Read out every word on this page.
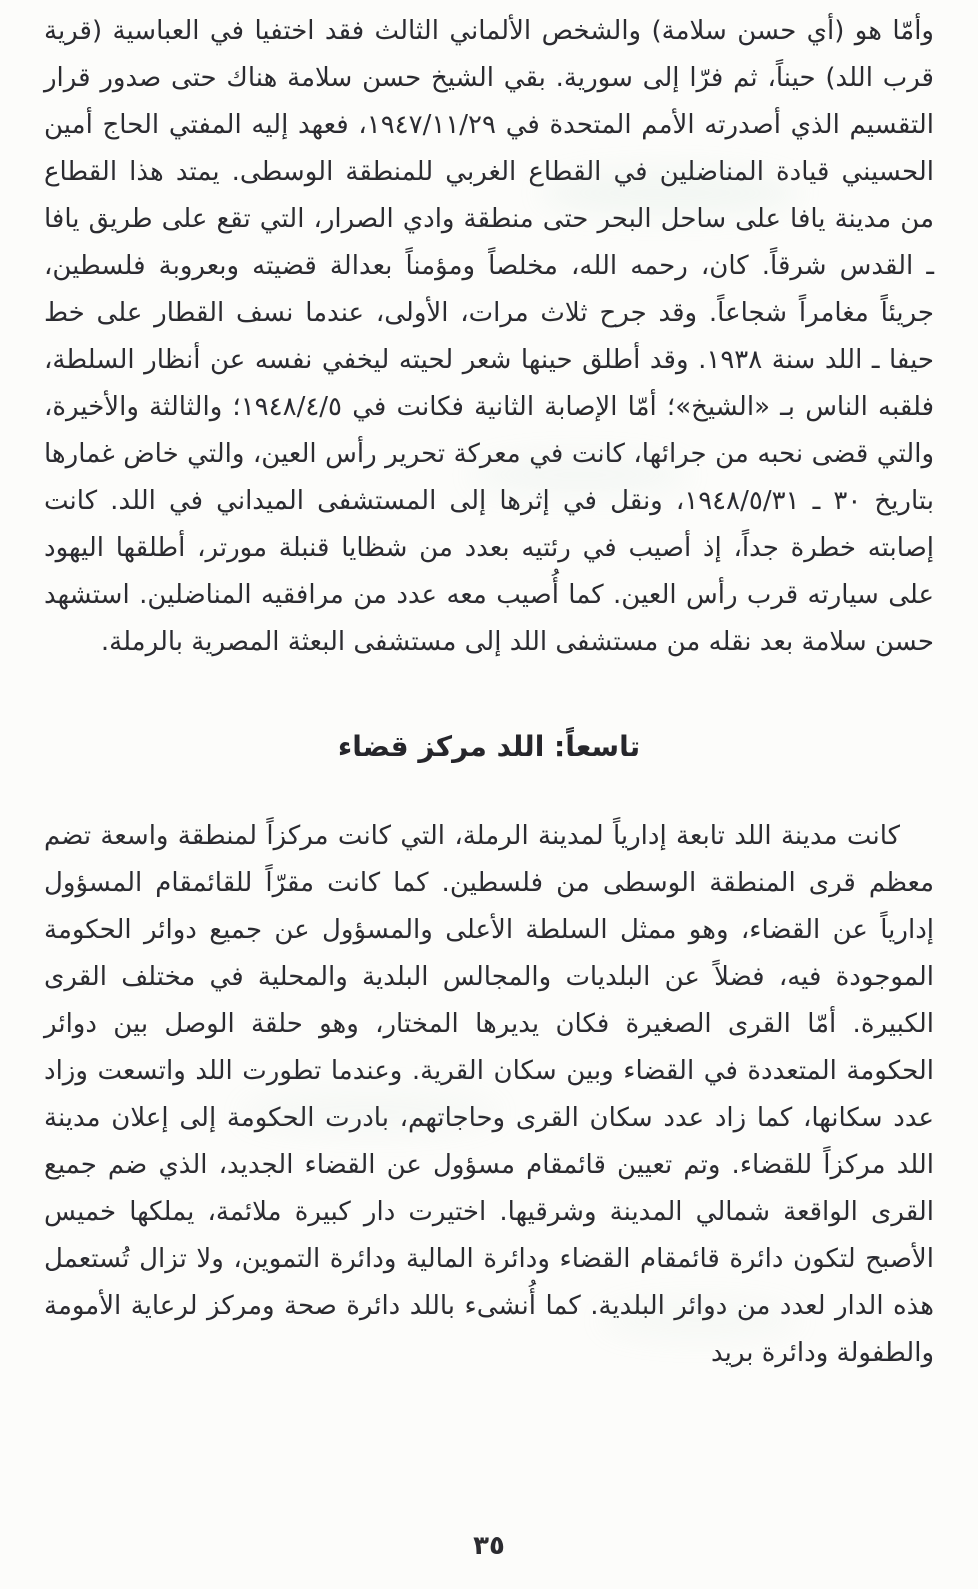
وأمّا هو (أي حسن سلامة) والشخص الألماني الثالث فقد اختفيا في العباسية (قرية قرب اللد) حيناً، ثم فرّا إلى سورية. بقي الشيخ حسن سلامة هناك حتى صدور قرار التقسيم الذي أصدرته الأمم المتحدة في ١٩٤٧/١١/٢٩، فعهد إليه المفتي الحاج أمين الحسيني قيادة المناضلين في القطاع الغربي للمنطقة الوسطى. يمتد هذا القطاع من مدينة يافا على ساحل البحر حتى منطقة وادي الصرار، التي تقع على طريق يافا ـ القدس شرقاً. كان، رحمه الله، مخلصاً ومؤمناً بعدالة قضيته وبعروبة فلسطين، جريئاً مغامراً شجاعاً. وقد جرح ثلاث مرات، الأولى، عندما نسف القطار على خط حيفا ـ اللد سنة ١٩٣٨. وقد أطلق حينها شعر لحيته ليخفي نفسه عن أنظار السلطة، فلقبه الناس بـ «الشيخ»؛ أمّا الإصابة الثانية فكانت في ١٩٤٨/٤/٥؛ والثالثة والأخيرة، والتي قضى نحبه من جرائها، كانت في معركة تحرير رأس العين، والتي خاض غمارها بتاريخ ٣٠ ـ ١٩٤٨/٥/٣١، ونقل في إثرها إلى المستشفى الميداني في اللد. كانت إصابته خطرة جداً، إذ أصيب في رئتيه بعدد من شظايا قنبلة مورتر، أطلقها اليهود على سيارته قرب رأس العين. كما أُصيب معه عدد من مرافقيه المناضلين. استشهد حسن سلامة بعد نقله من مستشفى اللد إلى مستشفى البعثة المصرية بالرملة.

تاسعاً: اللد مركز قضاء

كانت مدينة اللد تابعة إدارياً لمدينة الرملة، التي كانت مركزاً لمنطقة واسعة تضم معظم قرى المنطقة الوسطى من فلسطين. كما كانت مقرّاً للقائمقام المسؤول إدارياً عن القضاء، وهو ممثل السلطة الأعلى والمسؤول عن جميع دوائر الحكومة الموجودة فيه، فضلاً عن البلديات والمجالس البلدية والمحلية في مختلف القرى الكبيرة. أمّا القرى الصغيرة فكان يديرها المختار، وهو حلقة الوصل بين دوائر الحكومة المتعددة في القضاء وبين سكان القرية. وعندما تطورت اللد واتسعت وزاد عدد سكانها، كما زاد عدد سكان القرى وحاجاتهم، بادرت الحكومة إلى إعلان مدينة اللد مركزاً للقضاء. وتم تعيين قائمقام مسؤول عن القضاء الجديد، الذي ضم جميع القرى الواقعة شمالي المدينة وشرقيها. اختيرت دار كبيرة ملائمة، يملكها خميس الأصبح لتكون دائرة قائمقام القضاء ودائرة المالية ودائرة التموين، ولا تزال تُستعمل هذه الدار لعدد من دوائر البلدية. كما أُنشىء باللد دائرة صحة ومركز لرعاية الأمومة والطفولة ودائرة بريد

٣٥
